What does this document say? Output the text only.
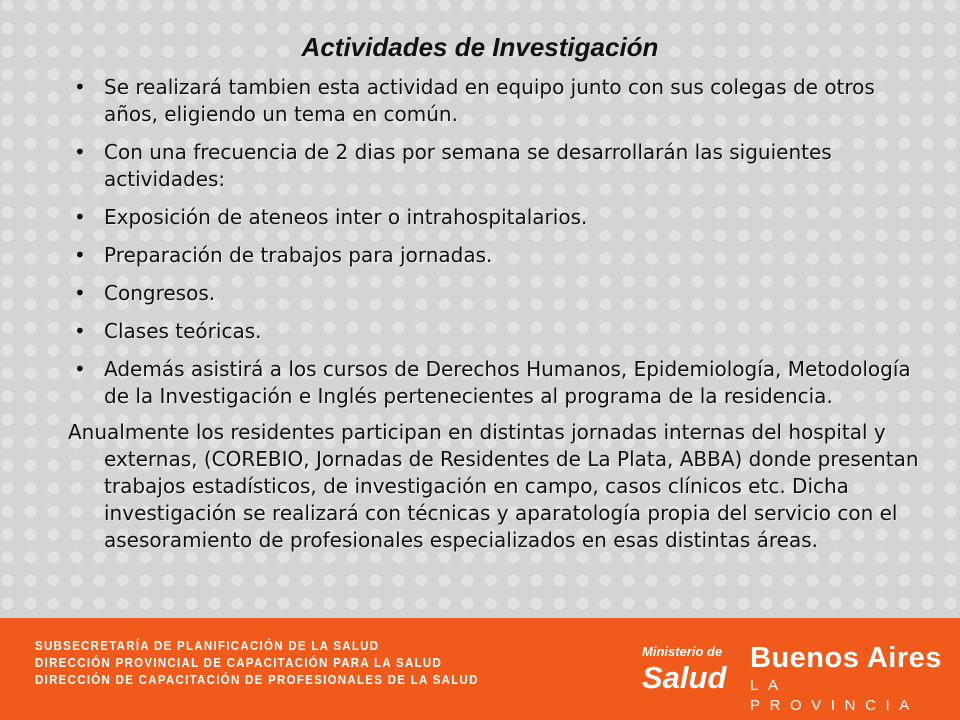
Actividades de Investigación
• Se realizará tambien esta actividad en equipo junto con sus colegas de otros años, eligiendo un tema en común.
• Con una frecuencia de 2 dias por semana se desarrollarán las siguientes actividades:
• Exposición de ateneos inter o intrahospitalarios.
• Preparación de trabajos para jornadas.
• Congresos.
• Clases teóricas.
• Además asistirá a los cursos de Derechos Humanos, Epidemiología, Metodología de la Investigación e Inglés pertenecientes al programa de la residencia.
Anualmente los residentes participan en distintas jornadas internas del hospital y externas, (COREBIO, Jornadas de Residentes de La Plata, ABBA) donde presentan trabajos estadísticos, de investigación en campo, casos clínicos etc. Dicha investigación se realizará con técnicas y aparatología propia del servicio con el asesoramiento de profesionales especializados en esas distintas áreas.
SUBSECRETARÍA DE PLANIFICACIÓN DE LA SALUD
DIRECCIÓN PROVINCIAL DE CAPACITACIÓN PARA LA SALUD
DIRECCIÓN DE CAPACITACIÓN DE PROFESIONALES DE LA SALUD
Ministerio de
Salud
Buenos Aires
LA PROVINCIA
